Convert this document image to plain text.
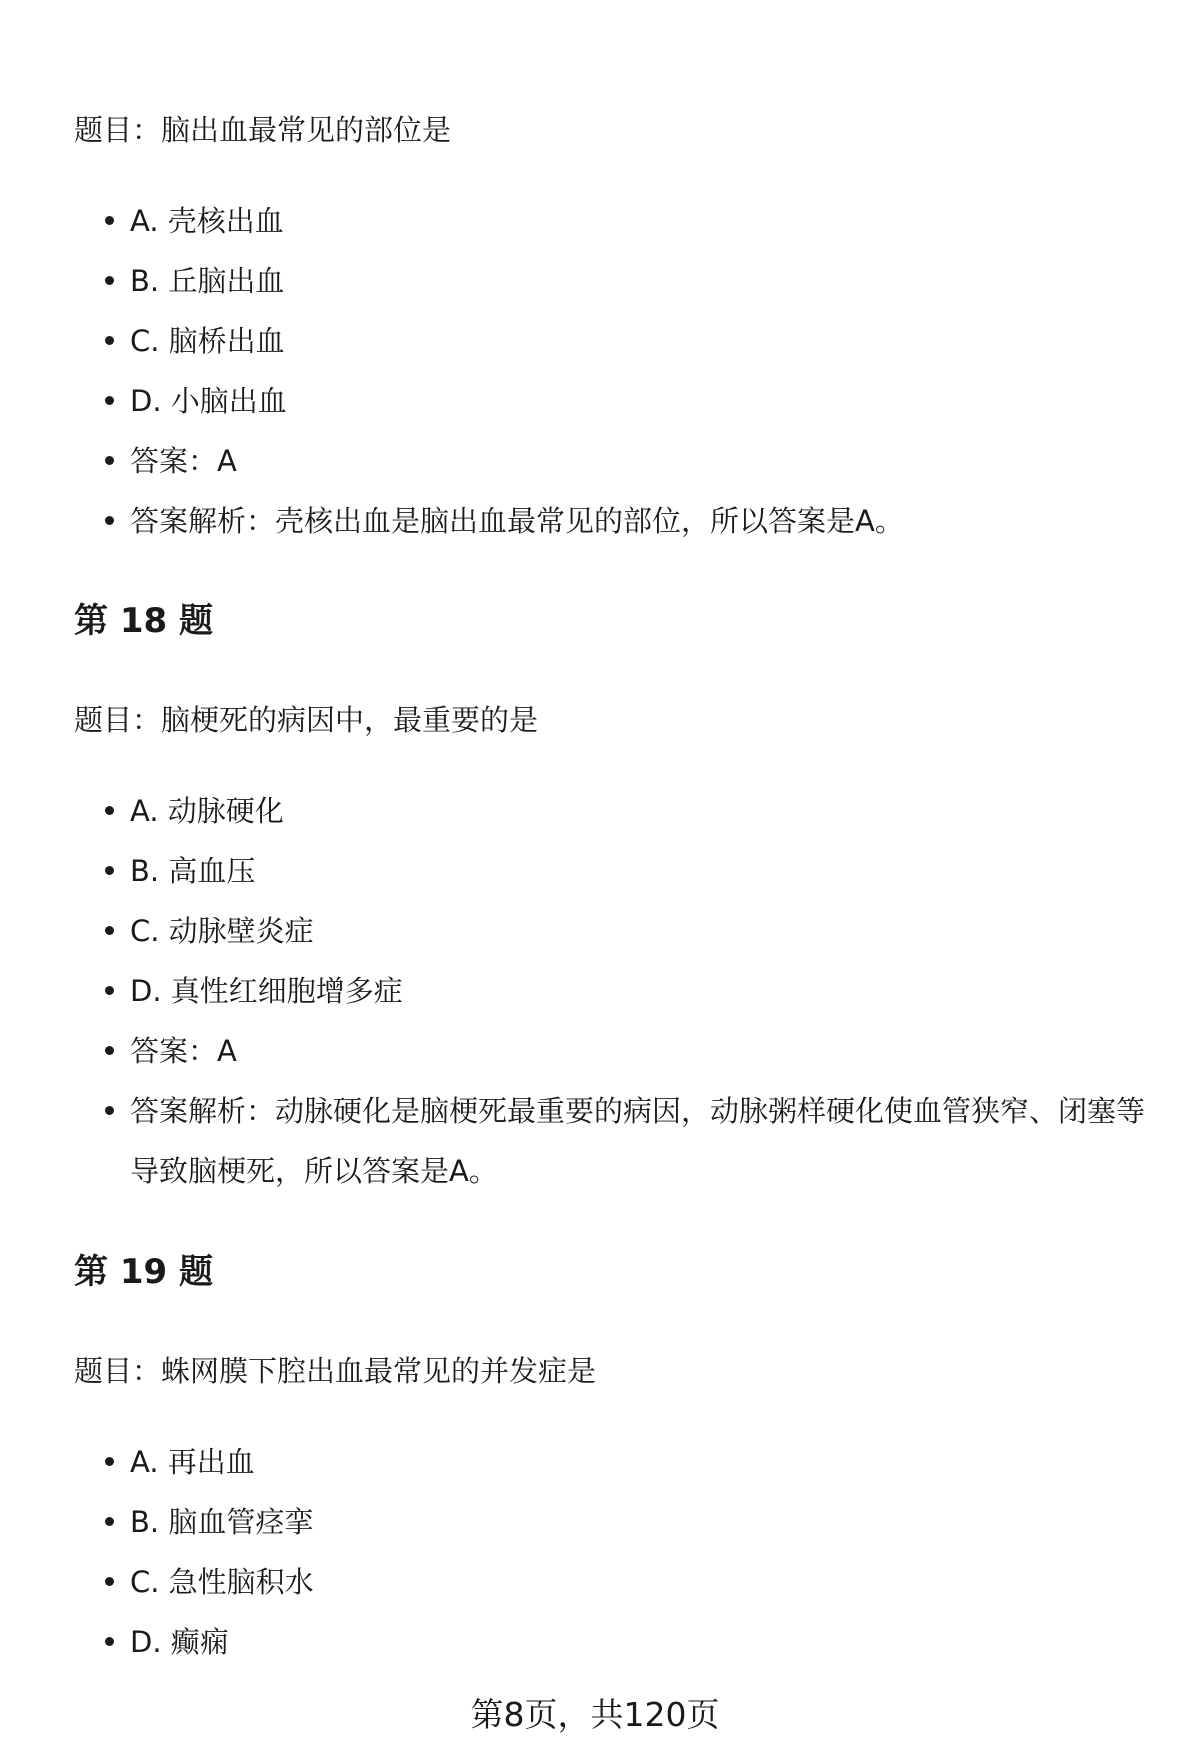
题目：脑出血最常见的部位是
A. 壳核出血
B. 丘脑出血
C. 脑桥出血
D. 小脑出血
答案：A
答案解析：壳核出血是脑出血最常见的部位，所以答案是A。
第 18 题
题目：脑梗死的病因中，最重要的是
A. 动脉硬化
B. 高血压
C. 动脉壁炎症
D. 真性红细胞增多症
答案：A
答案解析：动脉硬化是脑梗死最重要的病因，动脉粥样硬化使血管狭窄、闭塞等导致脑梗死，所以答案是A。
第 19 题
题目：蛛网膜下腔出血最常见的并发症是
A. 再出血
B. 脑血管痉挛
C. 急性脑积水
D. 癫痫
第8页，共120页
